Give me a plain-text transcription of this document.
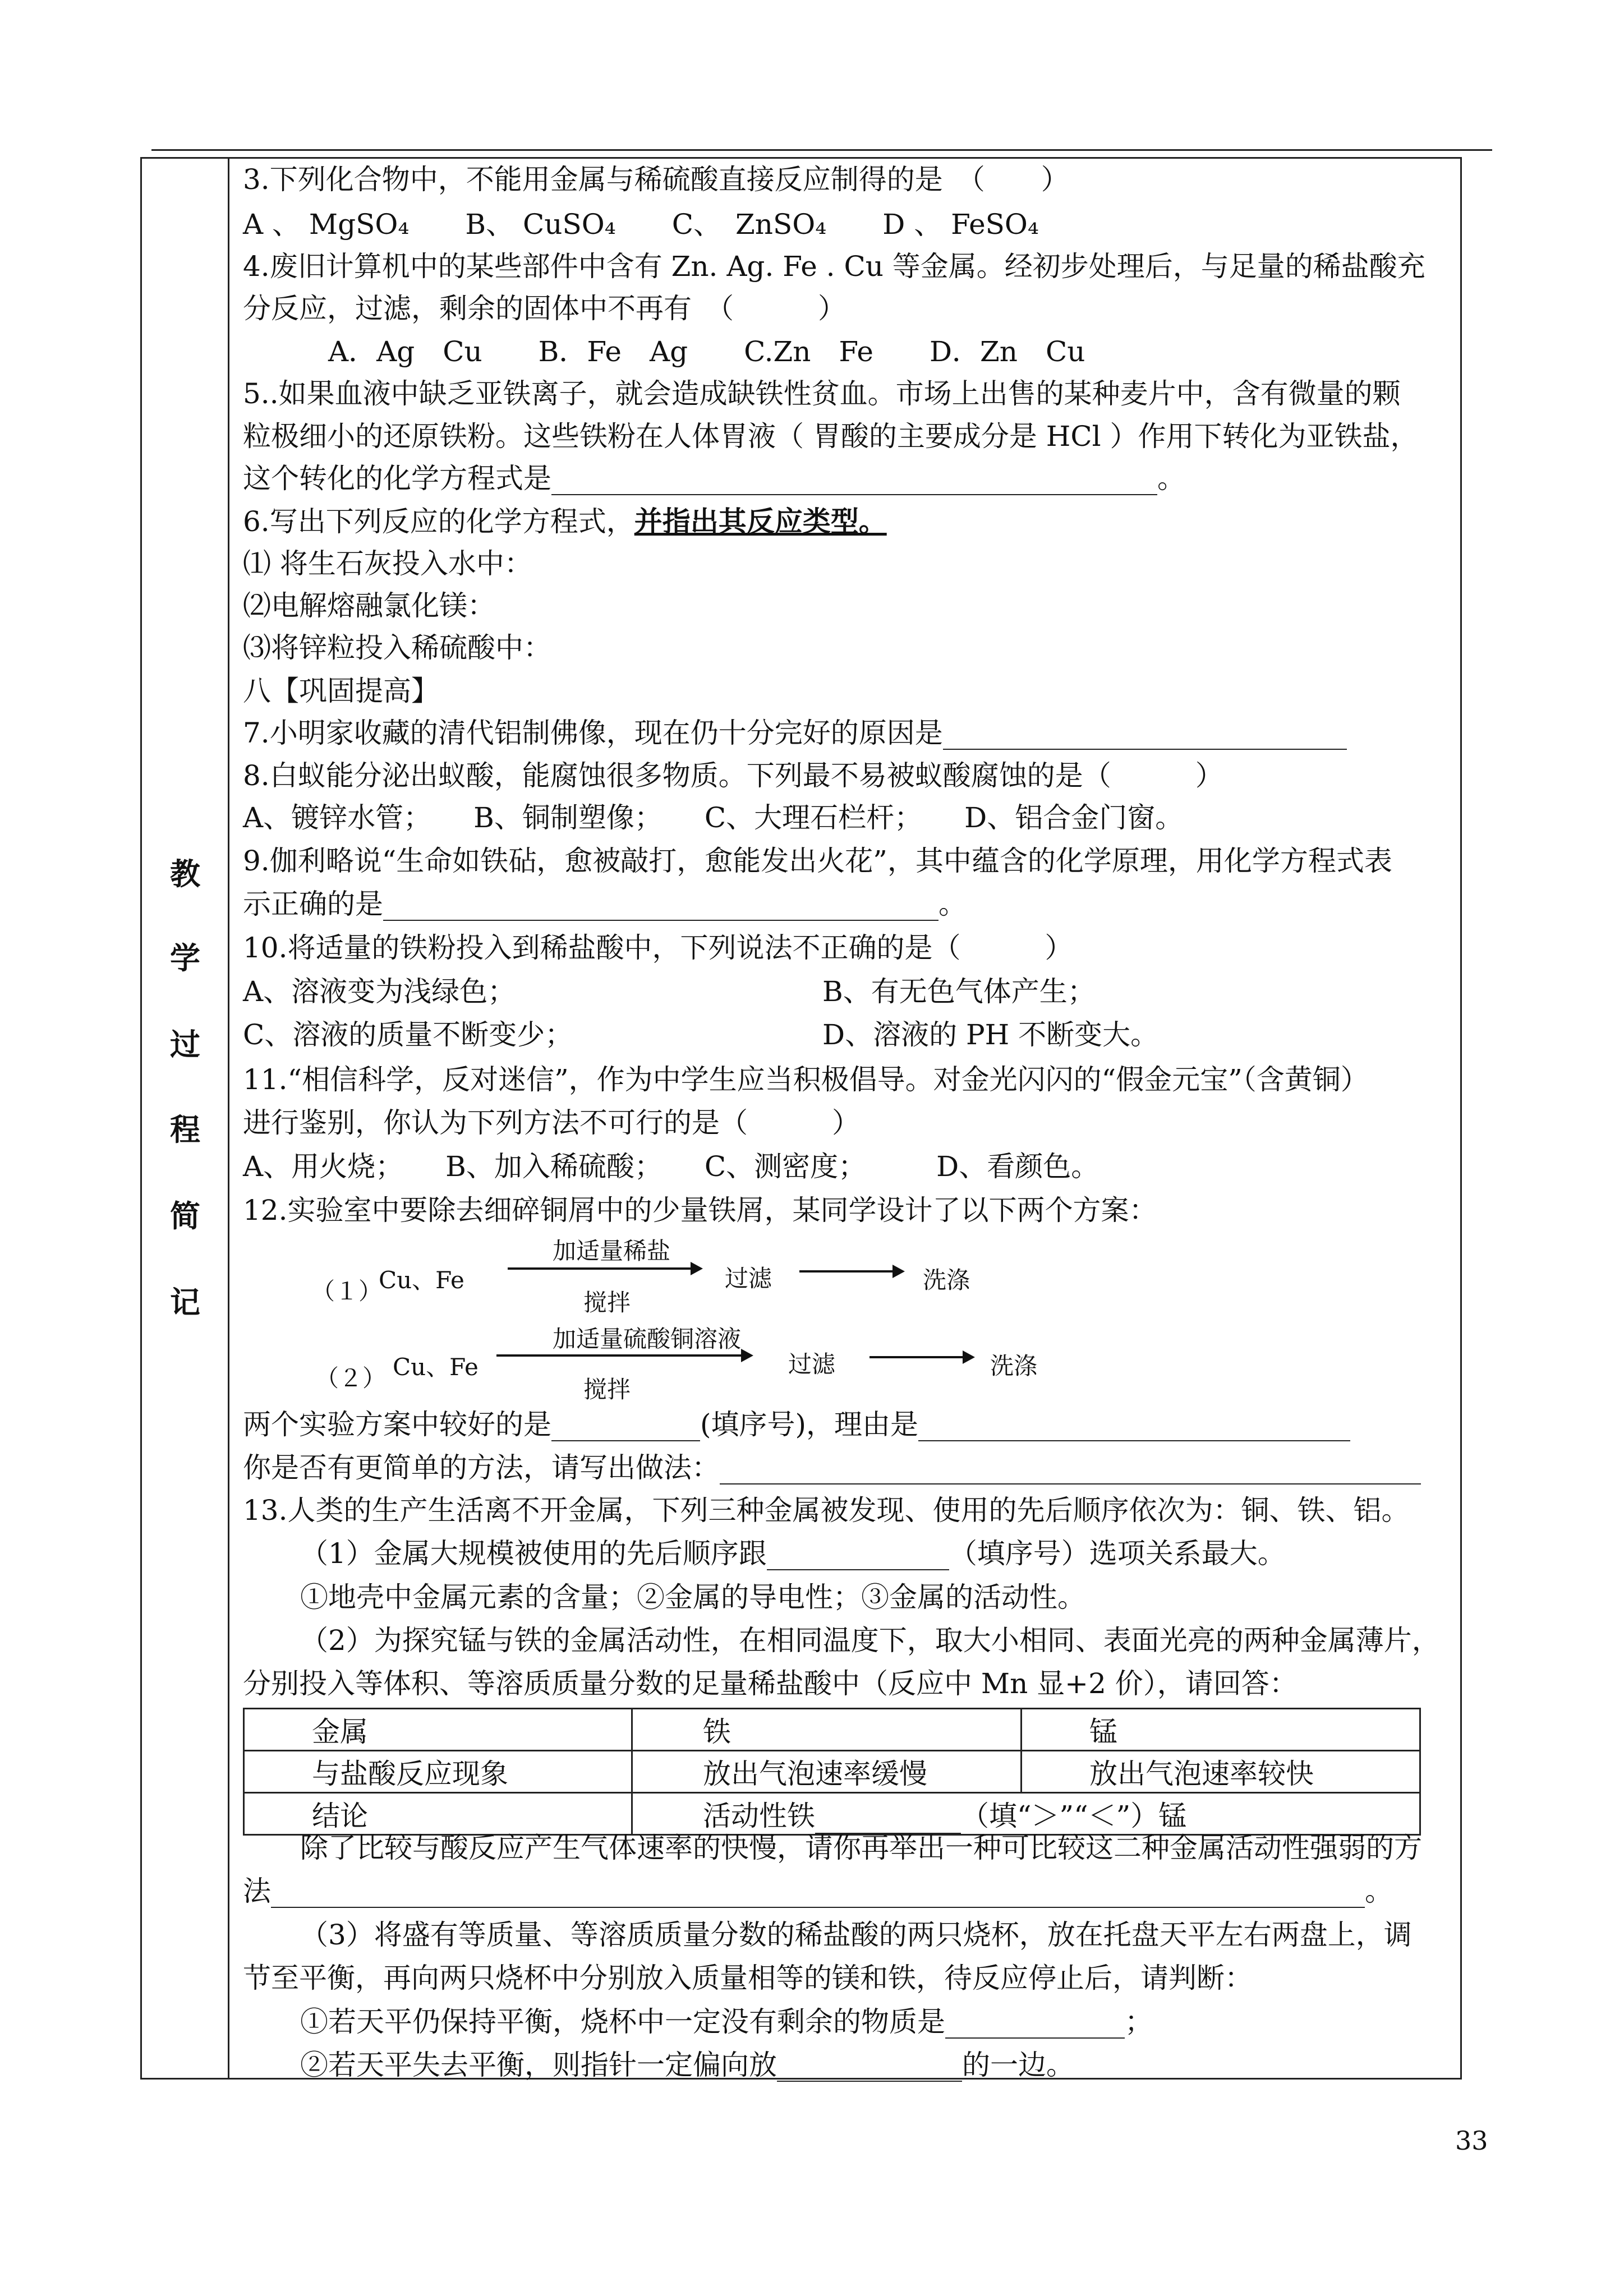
教
学
过
程
简
记
3.下列化合物中，不能用金属与稀硫酸直接反应制得的是　（　　）
A 、 MgSO₄　　B、 CuSO₄　　C、　ZnSO₄　　D 、 FeSO₄
4.废旧计算机中的某些部件中含有 Zn. Ag. Fe . Cu 等金属。经初步处理后，与足量的稀盐酸充
分反应，过滤，剩余的固体中不再有　（　　　）
A．Ag　Cu　　B．Fe　Ag　　C.Zn　Fe　　D．Zn　Cu
5..如果血液中缺乏亚铁离子，就会造成缺铁性贫血。市场上出售的某种麦片中，含有微量的颗
粒极细小的还原铁粉。这些铁粉在人体胃液（ 胃酸的主要成分是 HCl ）作用下转化为亚铁盐，
这个转化的化学方程式是	。
6.写出下列反应的化学方程式，并指出其反应类型。
⑴ 将生石灰投入水中：
⑵电解熔融氯化镁：
⑶将锌粒投入稀硫酸中：
八【巩固提高】
7.小明家收藏的清代铝制佛像，现在仍十分完好的原因是
8.白蚁能分泌出蚁酸，能腐蚀很多物质。下列最不易被蚁酸腐蚀的是（　　　）
A、镀锌水管；　　B、铜制塑像；　　C、大理石栏杆；　　D、铝合金门窗。
9.伽利略说“生命如铁砧，愈被敲打，愈能发出火花”，其中蕴含的化学原理，用化学方程式表
示正确的是	。
10.将适量的铁粉投入到稀盐酸中，下列说法不正确的是（　　　）
A、溶液变为浅绿色；	B、有无色气体产生；
C、溶液的质量不断变少；	D、溶液的 PH 不断变大。
11.“相信科学，反对迷信”，作为中学生应当积极倡导。对金光闪闪的“假金元宝”（含黄铜）
进行鉴别，你认为下列方法不可行的是（　　　）
A、用火烧；　　B、加入稀硫酸；　　C、测密度；　　　D、看颜色。
12.实验室中要除去细碎铜屑中的少量铁屑，某同学设计了以下两个方案：
（１）
Cu、Fe
加适量稀盐
搅拌
过滤	洗涤
（２） Cu、Fe
加适量硫酸铜溶液
搅拌
过滤	洗涤
两个实验方案中较好的是	(填序号)，理由是
你是否有更简单的方法，请写出做法：
13.人类的生产生活离不开金属，下列三种金属被发现、使用的先后顺序依次为：铜、铁、铝。
（1）金属大规模被使用的先后顺序跟	（填序号）选项关系最大。
①地壳中金属元素的含量；②金属的导电性；③金属的活动性。
（2）为探究锰与铁的金属活动性，在相同温度下，取大小相同、表面光亮的两种金属薄片，
分别投入等体积、等溶质质量分数的足量稀盐酸中（反应中 Mn 显+2 价），请回答：
金属	铁	锰
与盐酸反应现象	放出气泡速率缓慢	放出气泡速率较快
结论	活动性铁 （填“＞”“＜”）锰	
除了比较与酸反应产生气体速率的快慢，请你再举出一种可比较这二种金属活动性强弱的方
法	。
（3）将盛有等质量、等溶质质量分数的稀盐酸的两只烧杯，放在托盘天平左右两盘上，调
节至平衡，再向两只烧杯中分别放入质量相等的镁和铁，待反应停止后，请判断：
①若天平仍保持平衡，烧杯中一定没有剩余的物质是	；
②若天平失去平衡，则指针一定偏向放	的一边。
33
